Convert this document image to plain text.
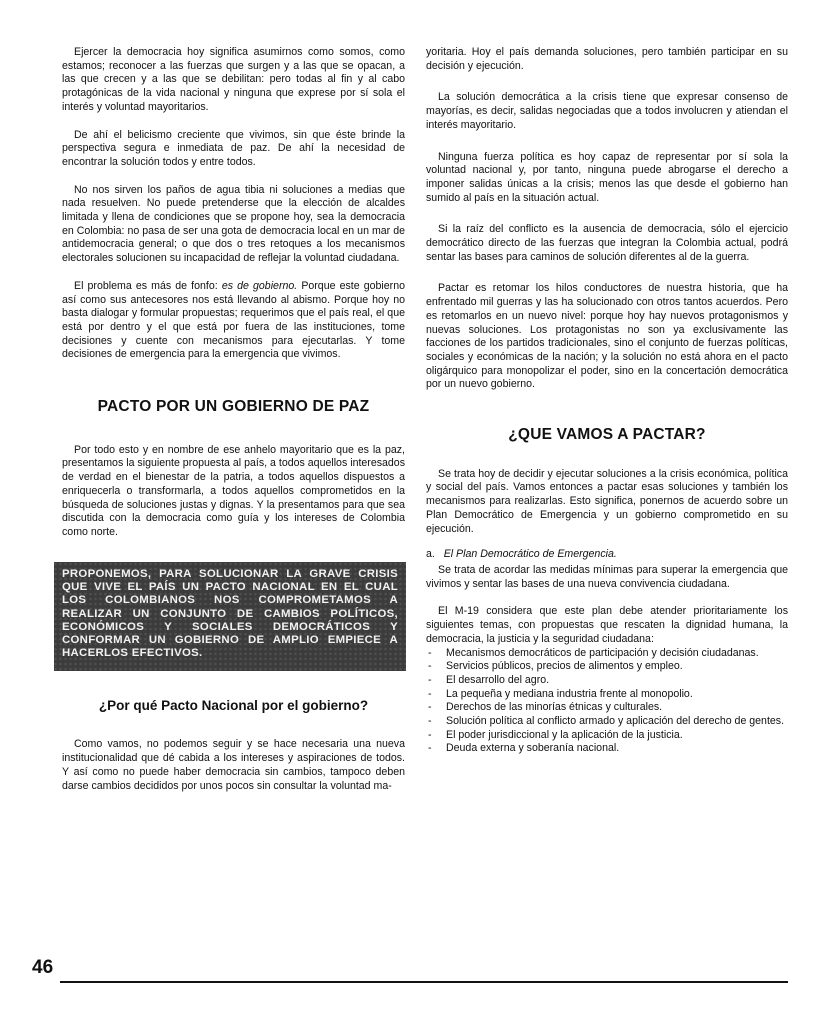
Ejercer la democracia hoy significa asumirnos como somos, como estamos; reconocer a las fuerzas que surgen y a las que se opacan, a las que crecen y a las que se debilitan: pero todas al fin y al cabo protagónicas de la vida nacional y ninguna que exprese por sí sola el interés y voluntad mayoritarios.

De ahí el belicismo creciente que vivimos, sin que éste brinde la perspectiva segura e inmediata de paz. De ahí la necesidad de encontrar la solución todos y entre todos.

No nos sirven los paños de agua tibia ni soluciones a medias que nada resuelven. No puede pretenderse que la elección de alcaldes limitada y llena de condiciones que se propone hoy, sea la democracia en Colombia: no pasa de ser una gota de democracia local en un mar de antidemocracia general; o que dos o tres retoques a los mecanismos electorales solucionen su incapacidad de reflejar la voluntad ciudadana.

El problema es más de fonfo: es de gobierno. Porque este gobierno así como sus antecesores nos está llevando al abismo. Porque hoy no basta dialogar y formular propuestas; requerimos que el país real, el que está por dentro y el que está por fuera de las instituciones, tome decisiones y cuente con mecanismos para ejecutarlas. Y tome decisiones de emergencia para la emergencia que vivimos.

PACTO POR UN GOBIERNO DE PAZ

Por todo esto y en nombre de ese anhelo mayoritario que es la paz, presentamos la siguiente propuesta al país, a todos aquellos interesados de verdad en el bienestar de la patria, a todos aquellos dispuestos a enriquecerla o transformarla, a todos aquellos comprometidos en la búsqueda de soluciones justas y dignas. Y la presentamos para que sea discutida con la democracia como guía y los intereses de Colombia como norte.

PROPONEMOS, PARA SOLUCIONAR LA GRAVE CRISIS QUE VIVE EL PAÍS UN PACTO NACIONAL EN EL CUAL LOS COLOMBIANOS NOS COMPROMETAMOS A REALIZAR UN CONJUNTO DE CAMBIOS POLÍTICOS, ECONÓMICOS Y SOCIALES DEMOCRÁTICOS Y CONFORMAR UN GOBIERNO DE AMPLIO EMPIECE A HACERLOS EFECTIVOS.
¿Por qué Pacto Nacional por el gobierno?

Como vamos, no podemos seguir y se hace necesaria una nueva institucionalidad que dé cabida a los intereses y aspiraciones de todos. Y así como no puede haber democracia sin cambios, tampoco deben darse cambios decididos por unos pocos sin consultar la voluntad ma-

yoritaria. Hoy el país demanda soluciones, pero también participar en su decisión y ejecución.

La solución democrática a la crisis tiene que expresar consenso de mayorías, es decir, salidas negociadas que a todos involucren y atiendan el interés mayoritario.

Ninguna fuerza política es hoy capaz de representar por sí sola la voluntad nacional y, por tanto, ninguna puede abrogarse el derecho a imponer salidas únicas a la crisis; menos las que desde el gobierno han sumido al país en la situación actual.

Si la raíz del conflicto es la ausencia de democracia, sólo el ejercicio democrático directo de las fuerzas que integran la Colombia actual, podrá sentar las bases para caminos de solución diferentes al de la guerra.

Pactar es retomar los hilos conductores de nuestra historia, que ha enfrentado mil guerras y las ha solucionado con otros tantos acuerdos. Pero es retomarlos en un nuevo nivel: porque hoy hay nuevos protagonismos y nuevas soluciones. Los protagonistas no son ya exclusivamente las facciones de los partidos tradicionales, sino el conjunto de fuerzas políticas, sociales y económicas de la nación; y la solución no está ahora en el pacto oligárquico para monopolizar el poder, sino en la concertación democrática por un nuevo gobierno.

¿QUE VAMOS A PACTAR?

Se trata hoy de decidir y ejecutar soluciones a la crisis económica, política y social del país. Vamos entonces a pactar esas soluciones y también los mecanismos para realizarlas. Esto significa, ponernos de acuerdo sobre un Plan Democrático de Emergencia y un gobierno comprometido en su ejecución.

a. El Plan Democrático de Emergencia.

Se trata de acordar las medidas mínimas para superar la emergencia que vivimos y sentar las bases de una nueva convivencia ciudadana.

El M-19 considera que este plan debe atender prioritariamente los siguientes temas, con propuestas que rescaten la dignidad humana, la democracia, la justicia y la seguridad ciudadana:

- Mecanismos democráticos de participación y decisión ciudadanas.
- Servicios públicos, precios de alimentos y empleo.
- El desarrollo del agro.
- La pequeña y mediana industria frente al monopolio.
- Derechos de las minorías étnicas y culturales.
- Solución política al conflicto armado y aplicación del derecho de gentes.
- El poder jurisdiccional y la aplicación de la justicia.
- Deuda externa y soberanía nacional.
46
